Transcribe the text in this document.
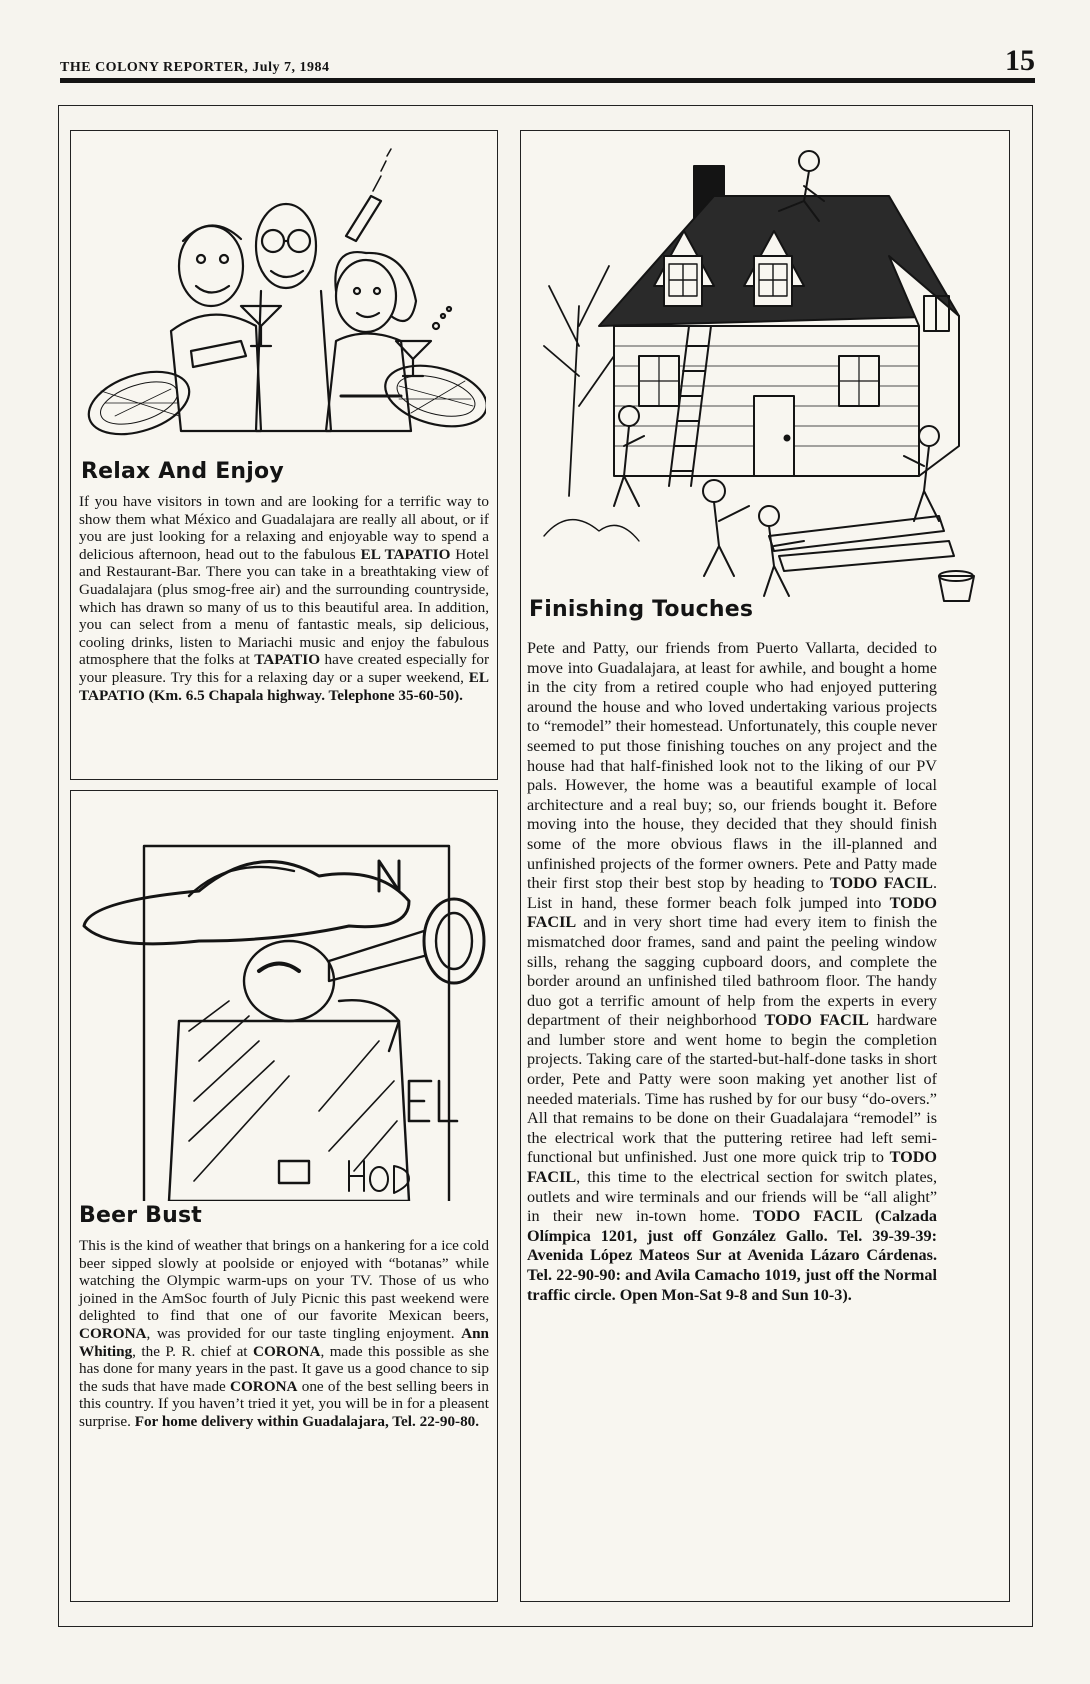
THE COLONY REPORTER, July 7, 1984	15
Relax And Enjoy

If you have visitors in town and are looking for a terrific way to show them what México and Guadalajara are really all about, or if you are just looking for a relaxing and enjoyable way to spend a delicious afternoon, head out to the fabulous EL TAPATIO Hotel and Restaurant-Bar. There you can take in a breathtaking view of Guadalajara (plus smog-free air) and the surrounding countryside, which has drawn so many of us to this beautiful area. In addition, you can select from a menu of fantastic meals, sip delicious, cooling drinks, listen to Mariachi music and enjoy the fabulous atmosphere that the folks at TAPATIO have created especially for your pleasure. Try this for a relaxing day or a super weekend, EL TAPATIO (Km. 6.5 Chapala highway. Telephone 35-60-50).

Beer Bust

This is the kind of weather that brings on a hankering for a ice cold beer sipped slowly at poolside or enjoyed with “botanas” while watching the Olympic warm-ups on your TV. Those of us who joined in the AmSoc fourth of July Picnic this past weekend were delighted to find that one of our favorite Mexican beers, CORONA, was provided for our taste tingling enjoyment. Ann Whiting, the P. R. chief at CORONA, made this possible as she has done for many years in the past. It gave us a good chance to sip the suds that have made CORONA one of the best selling beers in this country. If you haven’t tried it yet, you will be in for a pleasent surprise. For home delivery within Guadalajara, Tel. 22-90-80.

Finishing Touches

Pete and Patty, our friends from Puerto Vallarta, decided to move into Guadalajara, at least for awhile, and bought a home in the city from a retired couple who had enjoyed puttering around the house and who loved undertaking various projects to “remodel” their homestead. Unfortunately, this couple never seemed to put those finishing touches on any project and the house had that half-finished look not to the liking of our PV pals. However, the home was a beautiful example of local architecture and a real buy; so, our friends bought it. Before moving into the house, they decided that they should finish some of the more obvious flaws in the ill-planned and unfinished projects of the former owners. Pete and Patty made their first stop their best stop by heading to TODO FACIL. List in hand, these former beach folk jumped into TODO FACIL and in very short time had every item to finish the mismatched door frames, sand and paint the peeling window sills, rehang the sagging cupboard doors, and complete the border around an unfinished tiled bathroom floor. The handy duo got a terrific amount of help from the experts in every department of their neighborhood TODO FACIL hardware and lumber store and went home to begin the completion projects. Taking care of the started-but-half-done tasks in short order, Pete and Patty were soon making yet another list of needed materials. Time has rushed by for our busy “do-overs.” All that remains to be done on their Guadalajara “remodel” is the electrical work that the puttering retiree had left semi-functional but unfinished. Just one more quick trip to TODO FACIL, this time to the electrical section for switch plates, outlets and wire terminals and our friends will be “all alight” in their new in-town home. TODO FACIL (Calzada Olímpica 1201, just off González Gallo. Tel. 39-39-39: Avenida López Mateos Sur at Avenida Lázaro Cárdenas. Tel. 22-90-90: and Avila Camacho 1019, just off the Normal traffic circle. Open Mon-Sat 9-8 and Sun 10-3).
